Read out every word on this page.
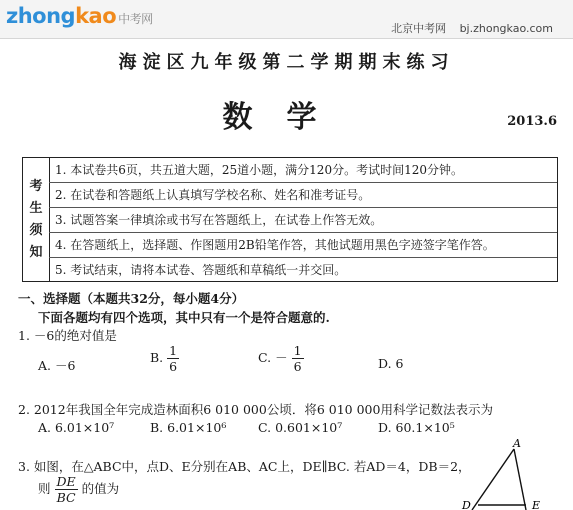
zhongkao 中考网
北京中考网 bj.zhongkao.com
海淀区九年级第二学期期末练习
数学	2013.6
考
生
须
知
1. 本试卷共6页，共五道大题，25道小题，满分120分。考试时间120分钟。
2. 在试卷和答题纸上认真填写学校名称、姓名和准考证号。
3. 试题答案一律填涂或书写在答题纸上，在试卷上作答无效。
4. 在答题纸上，选择题、作图题用2B铅笔作答，其他试题用黑色字迹签字笔作答。
5. 考试结束，请将本试卷、答题纸和草稿纸一并交回。
一、选择题（本题共32分，每小题4分）
下面各题均有四个选项，其中只有一个是符合题意的.
1. －6的绝对值是
A. －6
B. $\frac{1}{6}$	C. － $\frac{1}{6}$	D. 6
2. 2012年我国全年完成造林面积6 010 000公顷．将6 010 000用科学记数法表示为
A. 6.01×10⁷	B. 6.01×10⁶	C. 0.601×10⁷	D. 60.1×10⁵
3. 如图，在△ABC中，点D、E分别在AB、AC上，DE∥BC. 若AD＝4，DB＝2，
则 $\frac{DE}{BC}$ 的值为
A
D	E
